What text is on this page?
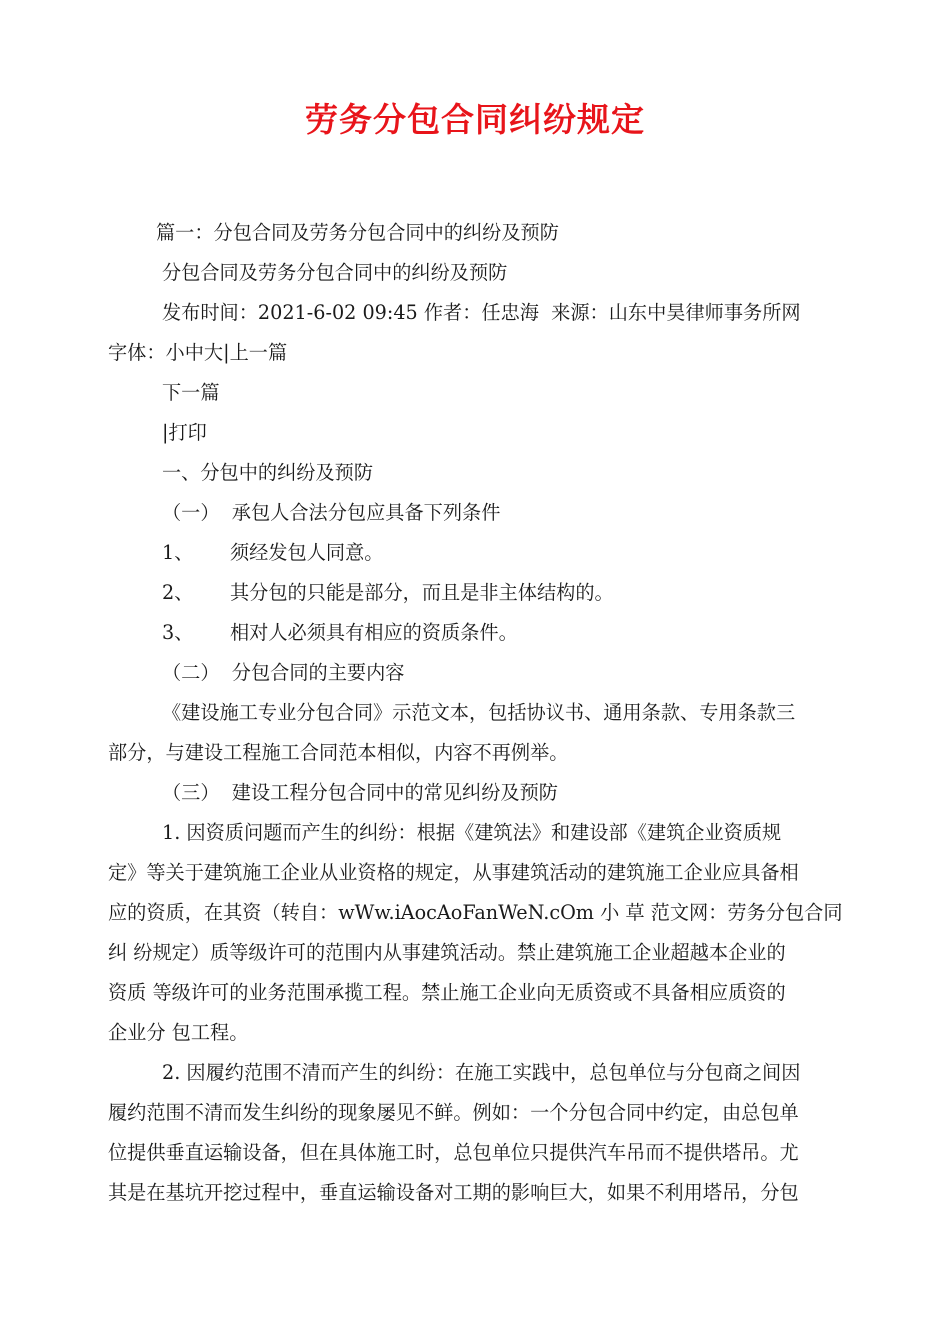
劳务分包合同纠纷规定

篇一：分包合同及劳务分包合同中的纠纷及预防

分包合同及劳务分包合同中的纠纷及预防

发布时间：2021-6-02 09:45 作者：任忠海  来源：山东中昊律师事务所网

字体：小中大|上一篇

下一篇

|打印

一、分包中的纠纷及预防

（一）  承包人合法分包应具备下列条件

1、      须经发包人同意。

2、      其分包的只能是部分，而且是非主体结构的。

3、      相对人必须具有相应的资质条件。

（二）  分包合同的主要内容

《建设施工专业分包合同》示范文本，包括协议书、通用条款、专用条款三

部分，与建设工程施工合同范本相似，内容不再例举。

（三）  建设工程分包合同中的常见纠纷及预防

1. 因资质问题而产生的纠纷：根据《建筑法》和建设部《建筑企业资质规

定》等关于建筑施工企业从业资格的规定，从事建筑活动的建筑施工企业应具备相

应的资质，在其资（转自：wWw.iAocAoFanWeN.cOm 小 草 范文网：劳务分包合同

纠 纷规定）质等级许可的范围内从事建筑活动。禁止建筑施工企业超越本企业的

资质 等级许可的业务范围承揽工程。禁止施工企业向无质资或不具备相应质资的

企业分 包工程。

2. 因履约范围不清而产生的纠纷：在施工实践中，总包单位与分包商之间因

履约范围不清而发生纠纷的现象屡见不鲜。例如：一个分包合同中约定，由总包单

位提供垂直运输设备，但在具体施工时，总包单位只提供汽车吊而不提供塔吊。尤

其是在基坑开挖过程中，垂直运输设备对工期的影响巨大，如果不利用塔吊，分包
